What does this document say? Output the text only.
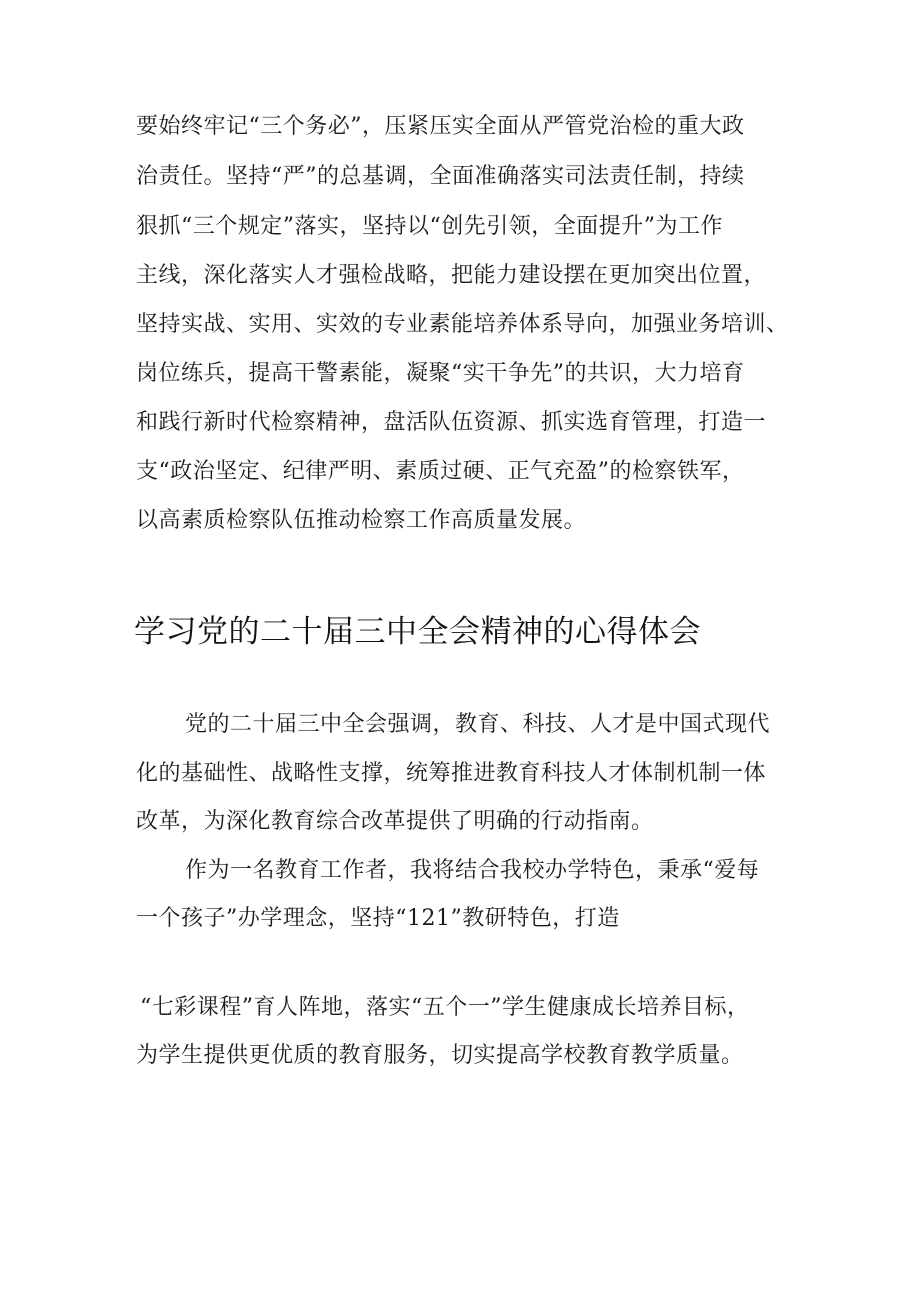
要始终牢记“三个务必”，压紧压实全面从严管党治检的重大政
治责任。坚持“严”的总基调，全面准确落实司法责任制，持续
狠抓“三个规定”落实，坚持以“创先引领，全面提升”为工作
主线，深化落实人才强检战略，把能力建设摆在更加突出位置，
坚持实战、实用、实效的专业素能培养体系导向，加强业务培训、
岗位练兵，提高干警素能，凝聚“实干争先”的共识，大力培育
和践行新时代检察精神，盘活队伍资源、抓实选育管理，打造一
支“政治坚定、纪律严明、素质过硬、正气充盈”的检察铁军，
以高素质检察队伍推动检察工作高质量发展。
学习党的二十届三中全会精神的心得体会
党的二十届三中全会强调，教育、科技、人才是中国式现代
化的基础性、战略性支撑，统筹推进教育科技人才体制机制一体
改革，为深化教育综合改革提供了明确的行动指南。
作为一名教育工作者，我将结合我校办学特色，秉承“爱每
一个孩子”办学理念，坚持“121”教研特色，打造
“七彩课程”育人阵地，落实“五个一”学生健康成长培养目标，
为学生提供更优质的教育服务，切实提高学校教育教学质量。
